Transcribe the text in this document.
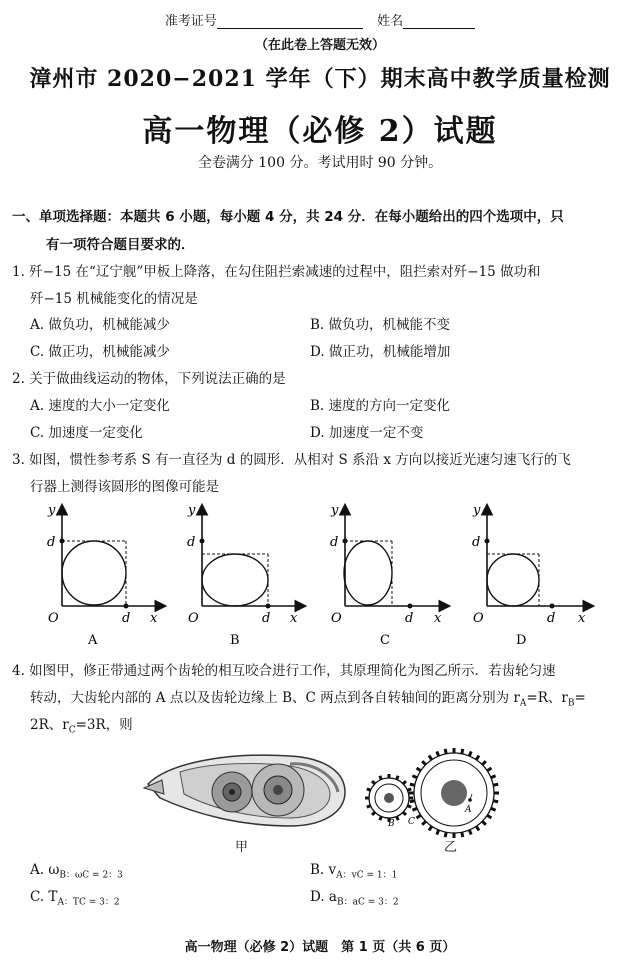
准考证号	姓名
（在此卷上答题无效）
漳州市 2020−2021 学年（下）期末高中教学质量检测
高一物理（必修 2）试题
全卷满分 100 分。考试用时 90 分钟。
一、单项选择题：本题共 6 小题，每小题 4 分，共 24 分．在每小题给出的四个选项中，只
有一项符合题目要求的．
1. 歼−15 在“辽宁舰”甲板上降落，在勾住阻拦索减速的过程中，阻拦索对歼−15 做功和
歼−15 机械能变化的情况是
A. 做负功，机械能减少	B. 做负功，机械能不变
C. 做正功，机械能减少	D. 做正功，机械能增加
2. 关于做曲线运动的物体，下列说法正确的是
A. 速度的大小一定变化	B. 速度的方向一定变化
C. 加速度一定变化	D. 加速度一定不变
3. 如图，惯性参考系 S 有一直径为 d 的圆形．从相对 S 系沿 x 方向以接近光速匀速飞行的飞
行器上测得该圆形的图像可能是
y
d
O	d x
A
y
d
O	d x
B
y
d
O	d x
C
y
d
O	d x
D
4. 如图甲，修正带通过两个齿轮的相互咬合进行工作，其原理简化为图乙所示．若齿轮匀速
转动，大齿轮内部的 A 点以及齿轮边缘上 B、C 两点到各自转轴间的距离分别为 $r_A=R$、$r_B=$
2R、$r_C=3R$，则
甲
A
B C
乙
A. $\omega_{B:\omega C = 2:3}$	B. $v_{A:vC = 1:1}$
C. $T_{A:TC = 3:2}$	D. $a_{B:aC = 3:2}$
高一物理（必修 2）试题　第 1 页（共 6 页）
